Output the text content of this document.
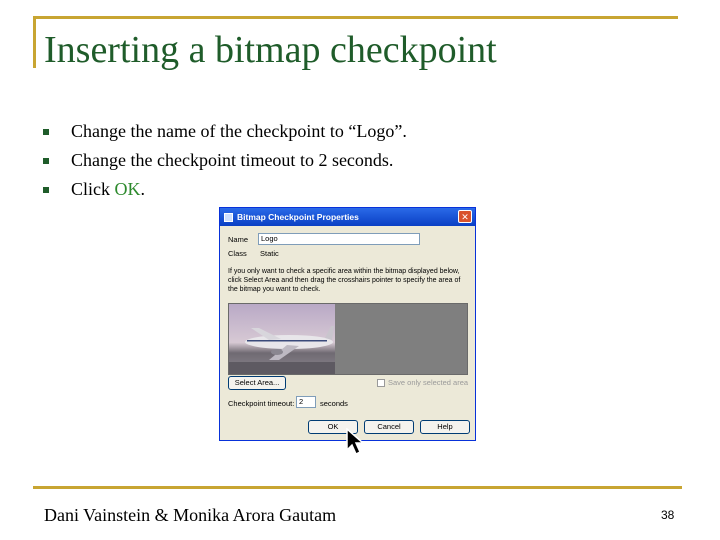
Inserting a bitmap checkpoint
Change the name of the checkpoint to “Logo”.
Change the checkpoint timeout to 2 seconds.
Click OK.
Bitmap Checkpoint Properties	✕
Name	Logo
Class Static
If you only want to check a specific area within the bitmap displayed below, click Select Area and then drag the crosshairs pointer to specify the area of the bitmap you want to check.
Select Area...	Save only selected area
Checkpoint timeout: 2	seconds
OK	Cancel	Help
Dani Vainstein & Monika Arora Gautam	38
